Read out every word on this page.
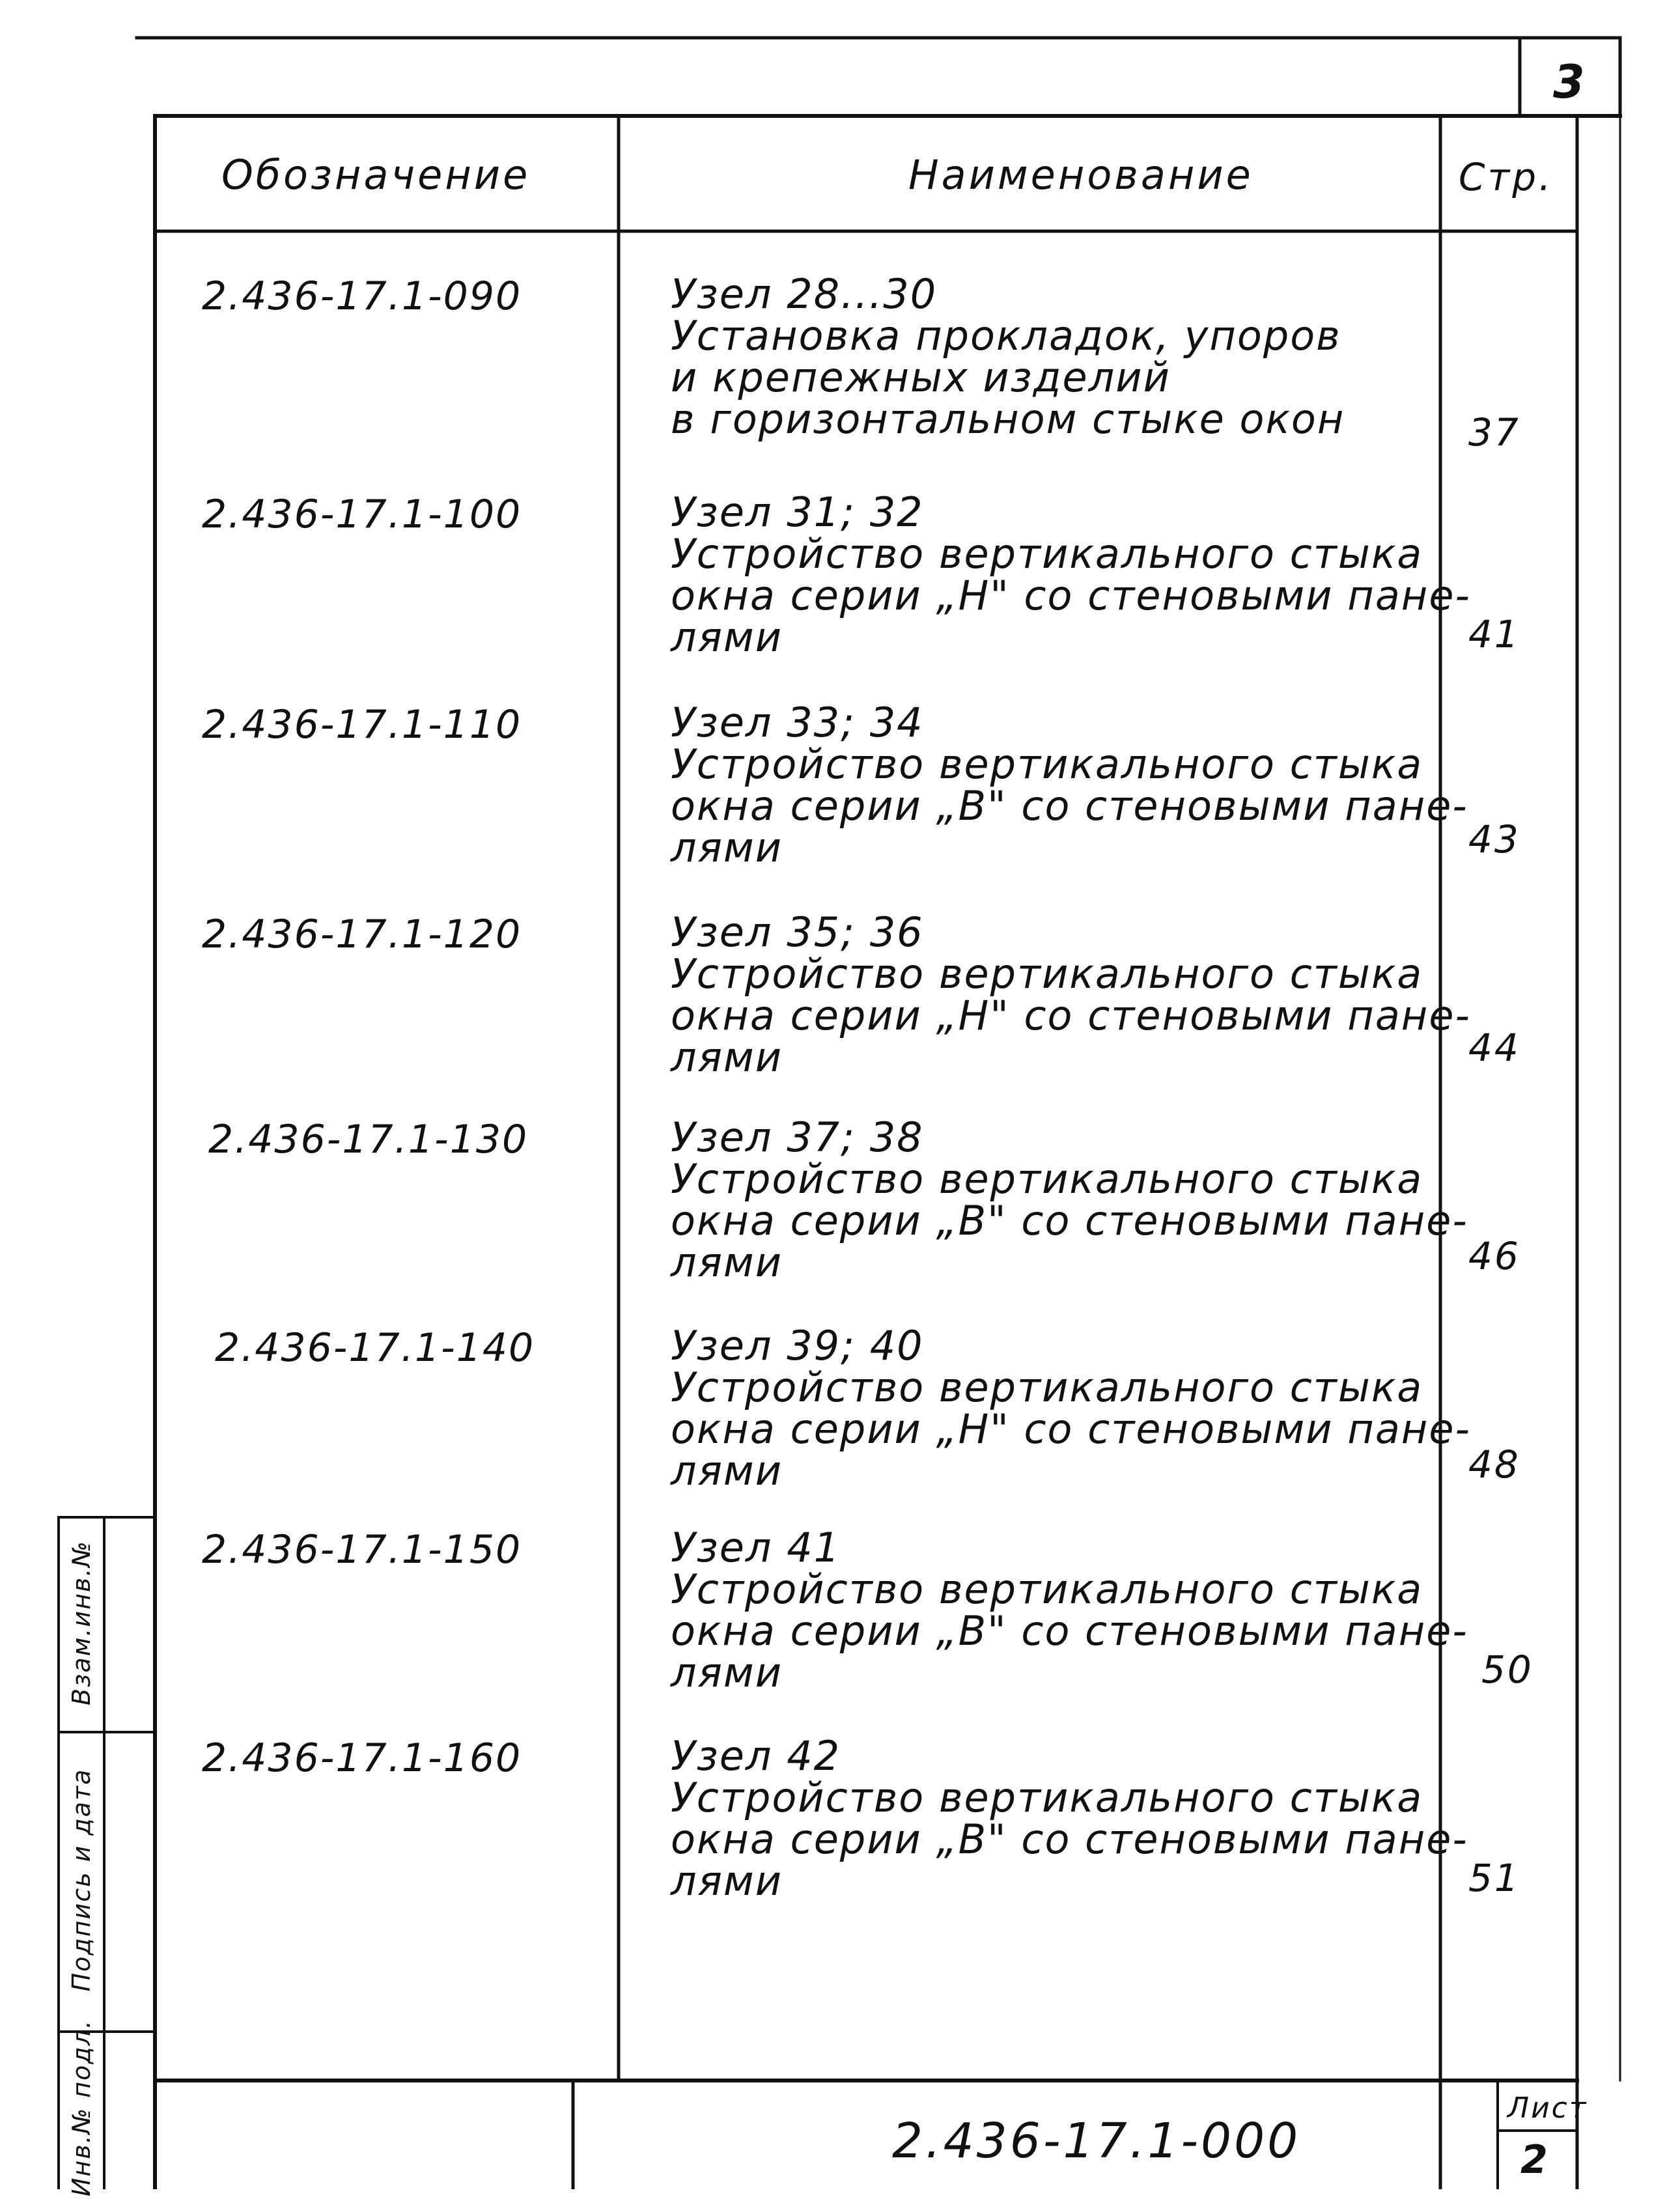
3
Обозначение	Наименование	Стр.
2.436-17.1-090	Узел 28...30
Установка прокладок, упоров
и крепежных изделий
в горизонтальном стыке окон	37
2.436-17.1-100	Узел 31; 32
Устройство вертикального стыка
окна серии „Н" со стеновыми пане-
лями	41
2.436-17.1-110	Узел 33; 34
Устройство вертикального стыка
окна серии „В" со стеновыми пане-
лями	43
2.436-17.1-120	Узел 35; 36
Устройство вертикального стыка
окна серии „Н" со стеновыми пане-
лями	44
2.436-17.1-130	Узел 37; 38
Устройство вертикального стыка
окна серии „В" со стеновыми пане-
лями	46
2.436-17.1-140	Узел 39; 40
Устройство вертикального стыка
окна серии „Н" со стеновыми пане-
лями	48
2.436-17.1-150	Узел 41
Устройство вертикального стыка
окна серии „В" со стеновыми пане-
лями	50
2.436-17.1-160	Узел 42
Устройство вертикального стыка
окна серии „В" со стеновыми пане-
лями	51
2.436-17.1-000
Лист
2
Инв.№ подл.
Подпись и дата
Взам.инв.№
